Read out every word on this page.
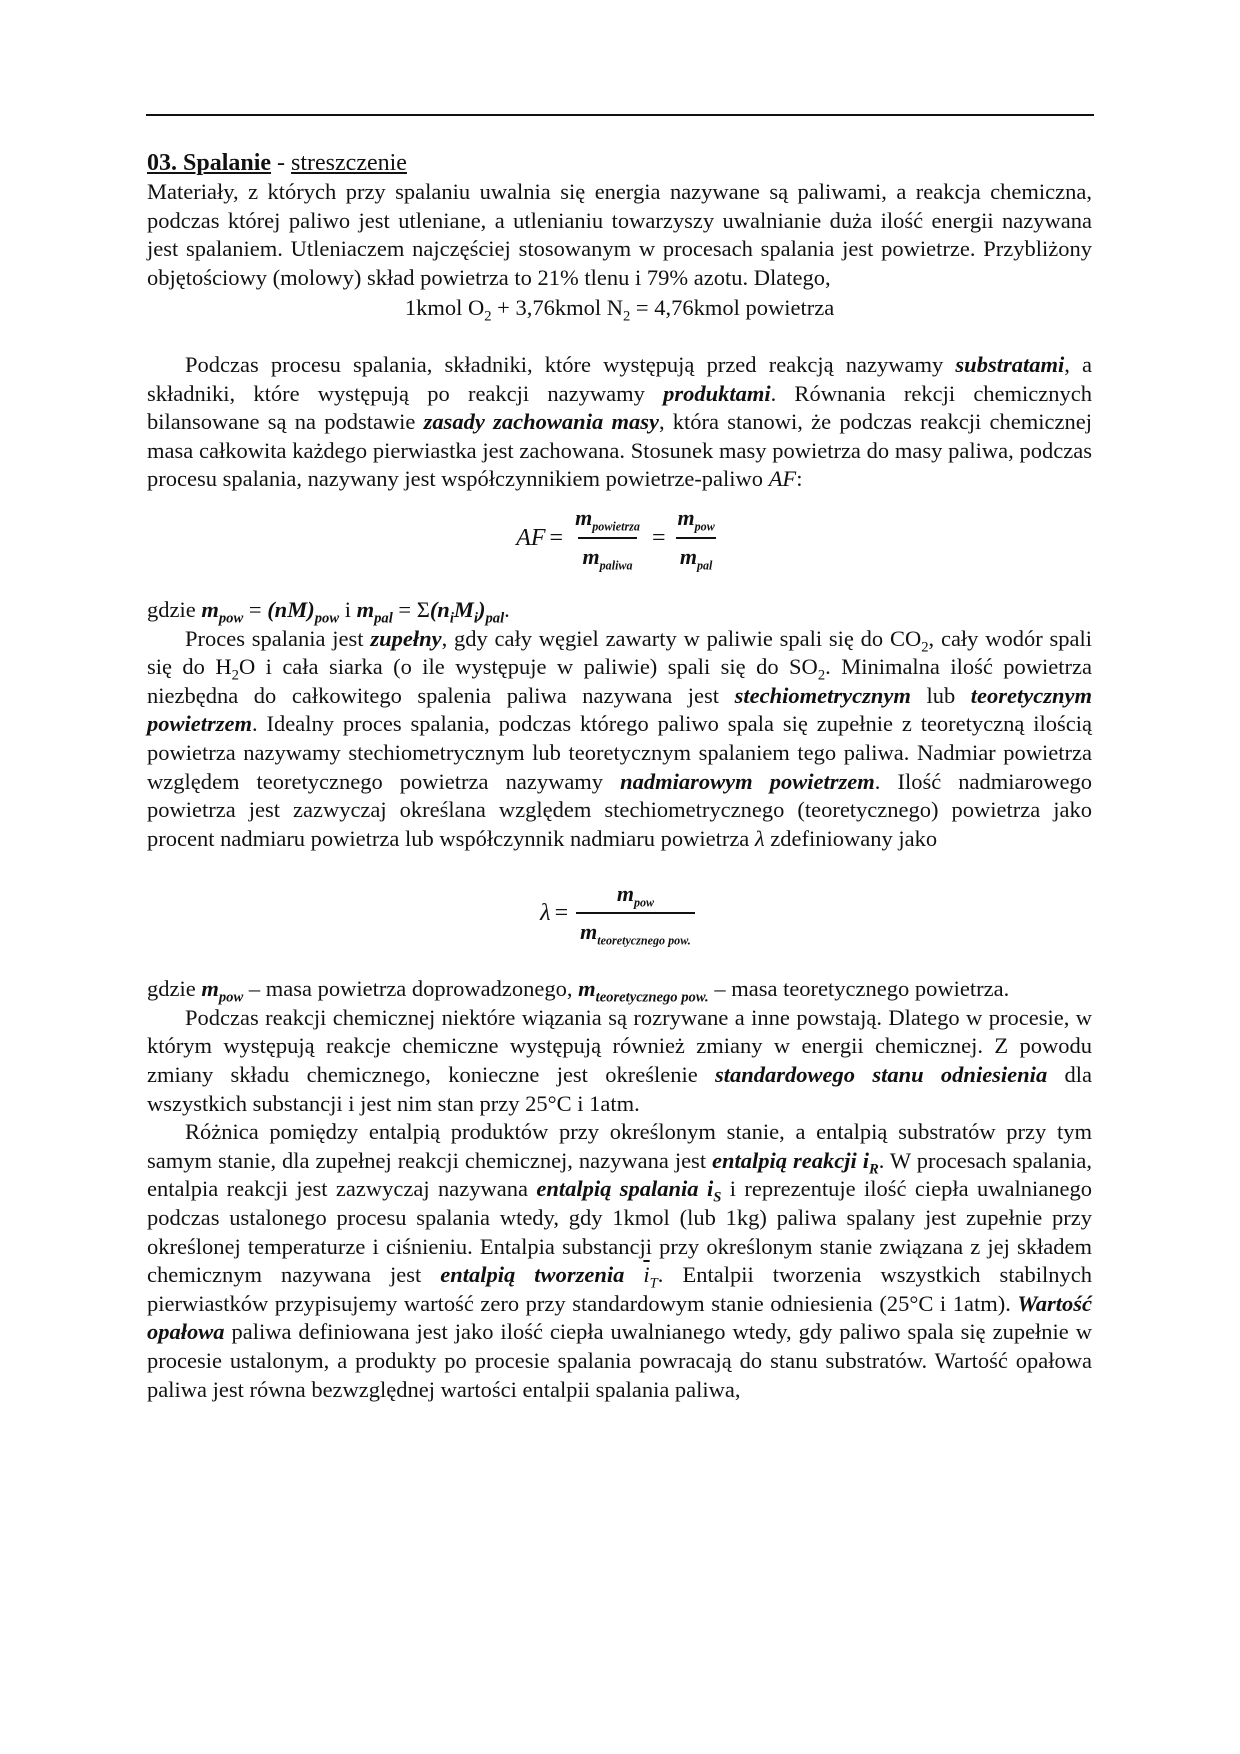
03. Spalanie - streszczenie

Materiały, z których przy spalaniu uwalnia się energia nazywane są paliwami, a reakcja chemiczna, podczas której paliwo jest utleniane, a utlenianiu towarzyszy uwalnianie duża ilość energii nazywana jest spalaniem. Utleniaczem najczęściej stosowanym w procesach spalania jest powietrze. Przybliżony objętościowy (molowy) skład powietrza to 21% tlenu i 79% azotu. Dlatego,

1kmol $O_2$ + 3,76kmol $N_2$ = 4,76kmol powietrza

Podczas procesu spalania, składniki, które występują przed reakcją nazywamy substratami, a składniki, które występują po reakcji nazywamy produktami. Równania rekcji chemicznych bilansowane są na podstawie zasady zachowania masy, która stanowi, że podczas reakcji chemicznej masa całkowita każdego pierwiastka jest zachowana. Stosunek masy powietrza do masy paliwa, podczas procesu spalania, nazywany jest współczynnikiem powietrze-paliwo AF:

AF = $\frac{m_{powietrza}}{m_{paliwa}} = \frac{m_{pow}}{m_{pal}}$

gdzie $m_{pow} = (nM)_{pow}$ i $m_{pal} = \Sigma(n_iM_i)_{pal}$.

Proces spalania jest zupełny, gdy cały węgiel zawarty w paliwie spali się do $CO_2$, cały wodór spali się do $H_2O$ i cała siarka (o ile występuje w paliwie) spali się do $SO_2$. Minimalna ilość powietrza niezbędna do całkowitego spalenia paliwa nazywana jest stechiometrycznym lub teoretycznym powietrzem. Idealny proces spalania, podczas którego paliwo spala się zupełnie z teoretyczną ilością powietrza nazywamy stechiometrycznym lub teoretycznym spalaniem tego paliwa. Nadmiar powietrza względem teoretycznego powietrza nazywamy nadmiarowym powietrzem. Ilość nadmiarowego powietrza jest zazwyczaj określana względem stechiometrycznego (teoretycznego) powietrza jako procent nadmiaru powietrza lub współczynnik nadmiaru powietrza λ zdefiniowany jako

$\lambda = \frac{m_{pow}}{m_{teoretycznego pow.}}$

gdzie $m_{pow}$ – masa powietrza doprowadzonego, $m_{teoretycznego pow.}$ – masa teoretycznego powietrza.

Podczas reakcji chemicznej niektóre wiązania są rozrywane a inne powstają. Dlatego w procesie, w którym występują reakcje chemiczne występują również zmiany w energii chemicznej. Z powodu zmiany składu chemicznego, konieczne jest określenie standardowego stanu odniesienia dla wszystkich substancji i jest nim stan przy 25°C i 1atm.

Różnica pomiędzy entalpią produktów przy określonym stanie, a entalpią substratów przy tym samym stanie, dla zupełnej reakcji chemicznej, nazywana jest entalpią reakcji $i_R$. W procesach spalania, entalpia reakcji jest zazwyczaj nazywana entalpią spalania $i_S$ i reprezentuje ilość ciepła uwalnianego podczas ustalonego procesu spalania wtedy, gdy 1kmol (lub 1kg) paliwa spalany jest zupełnie przy określonej temperaturze i ciśnieniu. Entalpia substancji przy określonym stanie związana z jej składem chemicznym nazywana jest entalpią tworzenia $\overline{i}_T$. Entalpii tworzenia wszystkich stabilnych pierwiastków przypisujemy wartość zero przy standardowym stanie odniesienia (25°C i 1atm). Wartość opałowa paliwa definiowana jest jako ilość ciepła uwalnianego wtedy, gdy paliwo spala się zupełnie w procesie ustalonym, a produkty po procesie spalania powracają do stanu substratów. Wartość opałowa paliwa jest równa bezwzględnej wartości entalpii spalania paliwa,
